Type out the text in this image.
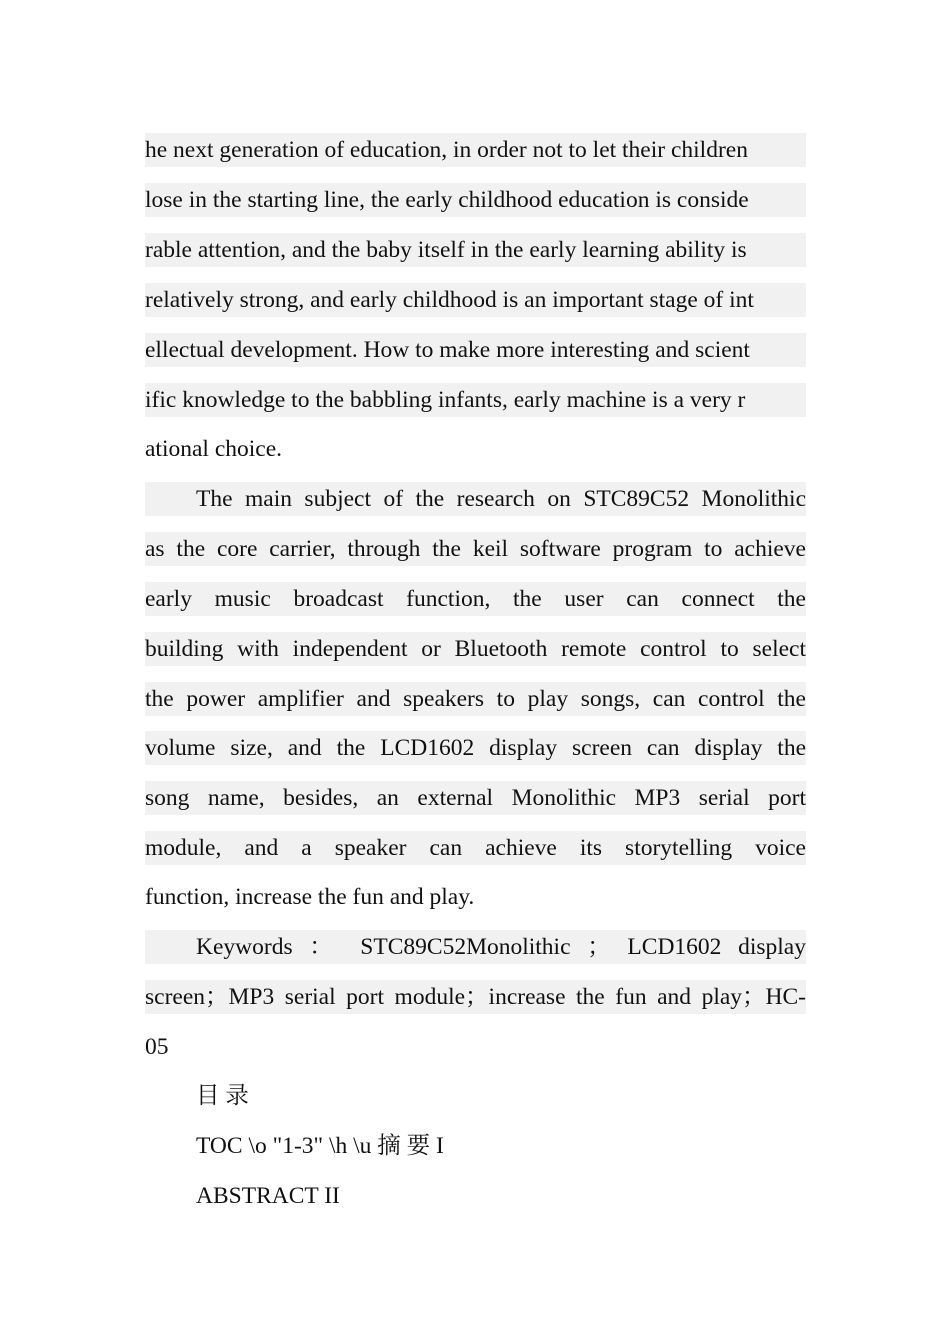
he next generation of education, in order not to let their children
lose in the starting line, the early childhood education is conside
rable attention, and the baby itself in the early learning ability is
relatively strong, and early childhood is an important stage of int
ellectual development. How to make more interesting and scient
ific knowledge to the babbling infants, early machine is a very r
ational choice.
The main subject of the research on STC89C52 Monolithic
as the core carrier, through the keil software program to achieve
early music broadcast function, the user can connect the
building with independent or Bluetooth remote control to select
the power amplifier and speakers to play songs, can control the
volume size, and the LCD1602 display screen can display the
song name, besides, an external Monolithic MP3 serial port
module, and a speaker can achieve its storytelling voice
function, increase the fun and play.
Keywords ： STC89C52Monolithic ； LCD1602 display
screen；MP3 serial port module；increase the fun and play；HC-
05
目 录
TOC \o "1-3" \h \u 摘 要 I
ABSTRACT II
